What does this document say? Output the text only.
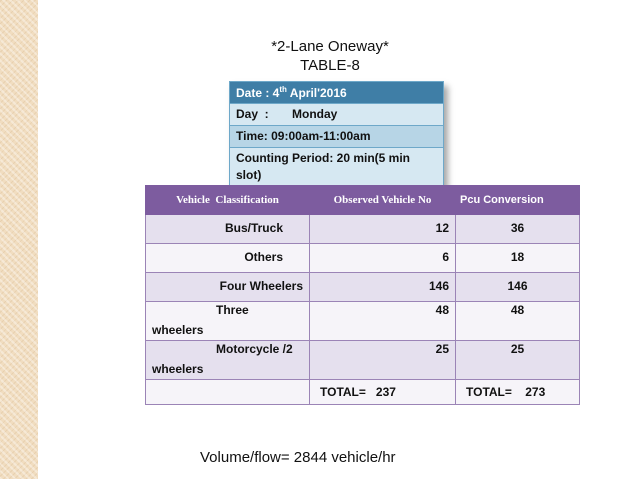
*2-Lane Oneway*
TABLE-8
Date : 4th April'2016
Day  :       Monday
Time: 09:00am-11:00am
Counting Period: 20 min(5 min slot)
Vehicle  Classification	Observed Vehicle No	Pcu Conversion
Bus/Truck	12	36
Others	6	18
Four Wheelers	146	146

Three
wheelers	48	48

Motorcycle /2
wheelers	25	25
	TOTAL=   237	TOTAL=    273
Volume/flow= 2844 vehicle/hr
